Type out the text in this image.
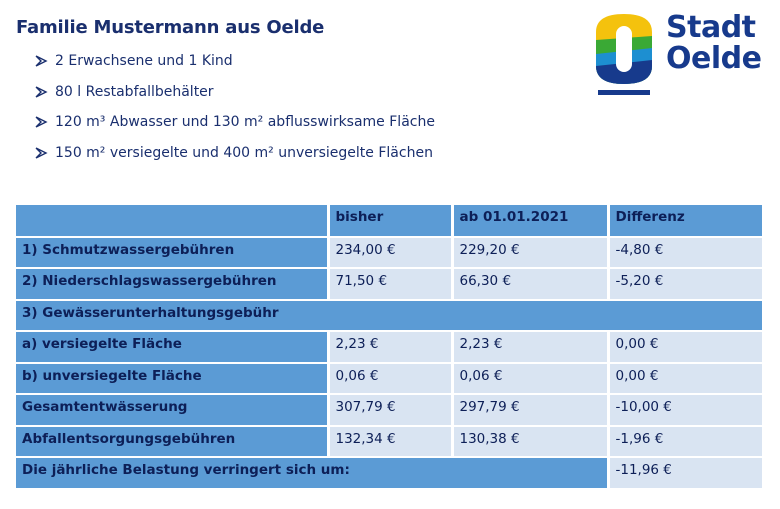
Familie Mustermann aus Oelde
2 Erwachsene und 1 Kind
80 l Restabfallbehälter
120 m³ Abwasser und 130 m² abflusswirksame Fläche
150 m² versiegelte und 400 m² unversiegelte Flächen
Stadt
Oelde
	bisher	ab 01.01.2021	Differenz
1) Schmutzwassergebühren	234,00 €	229,20 €	-4,80 €
2) Niederschlagswassergebühren	71,50 €	66,30 €	-5,20 €
3) Gewässerunterhaltungsgebühr			
a) versiegelte Fläche	2,23 €	2,23 €	0,00 €
b) unversiegelte Fläche	0,06 €	0,06 €	0,00 €
Gesamtentwässerung	307,79 €	297,79 €	-10,00 €
Abfallentsorgungsgebühren	132,34 €	130,38 €	-1,96 €
Die jährliche Belastung verringert sich um:			-11,96 €
